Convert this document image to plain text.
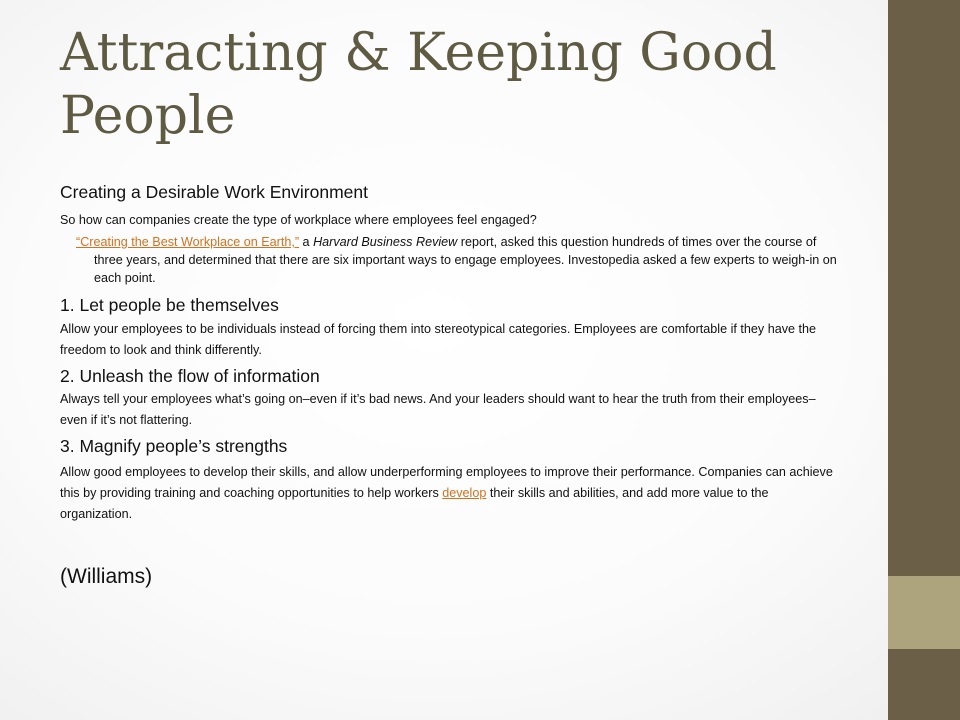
Attracting & Keeping Good
People
Creating a Desirable Work Environment
So how can companies create the type of workplace where employees feel engaged?
“Creating the Best Workplace on Earth,” a Harvard Business Review report, asked this question hundreds of times over the course of three years, and determined that there are six important ways to engage employees. Investopedia asked a few experts to weigh-in on each point.
1. Let people be themselves
Allow your employees to be individuals instead of forcing them into stereotypical categories. Employees are comfortable if they have the freedom to look and think differently.
2. Unleash the flow of information
Always tell your employees what’s going on–even if it’s bad news. And your leaders should want to hear the truth from their employees–even if it’s not flattering.
3. Magnify people’s strengths
Allow good employees to develop their skills, and allow underperforming employees to improve their performance. Companies can achieve this by providing training and coaching opportunities to help workers develop their skills and abilities, and add more value to the organization.
(Williams)
